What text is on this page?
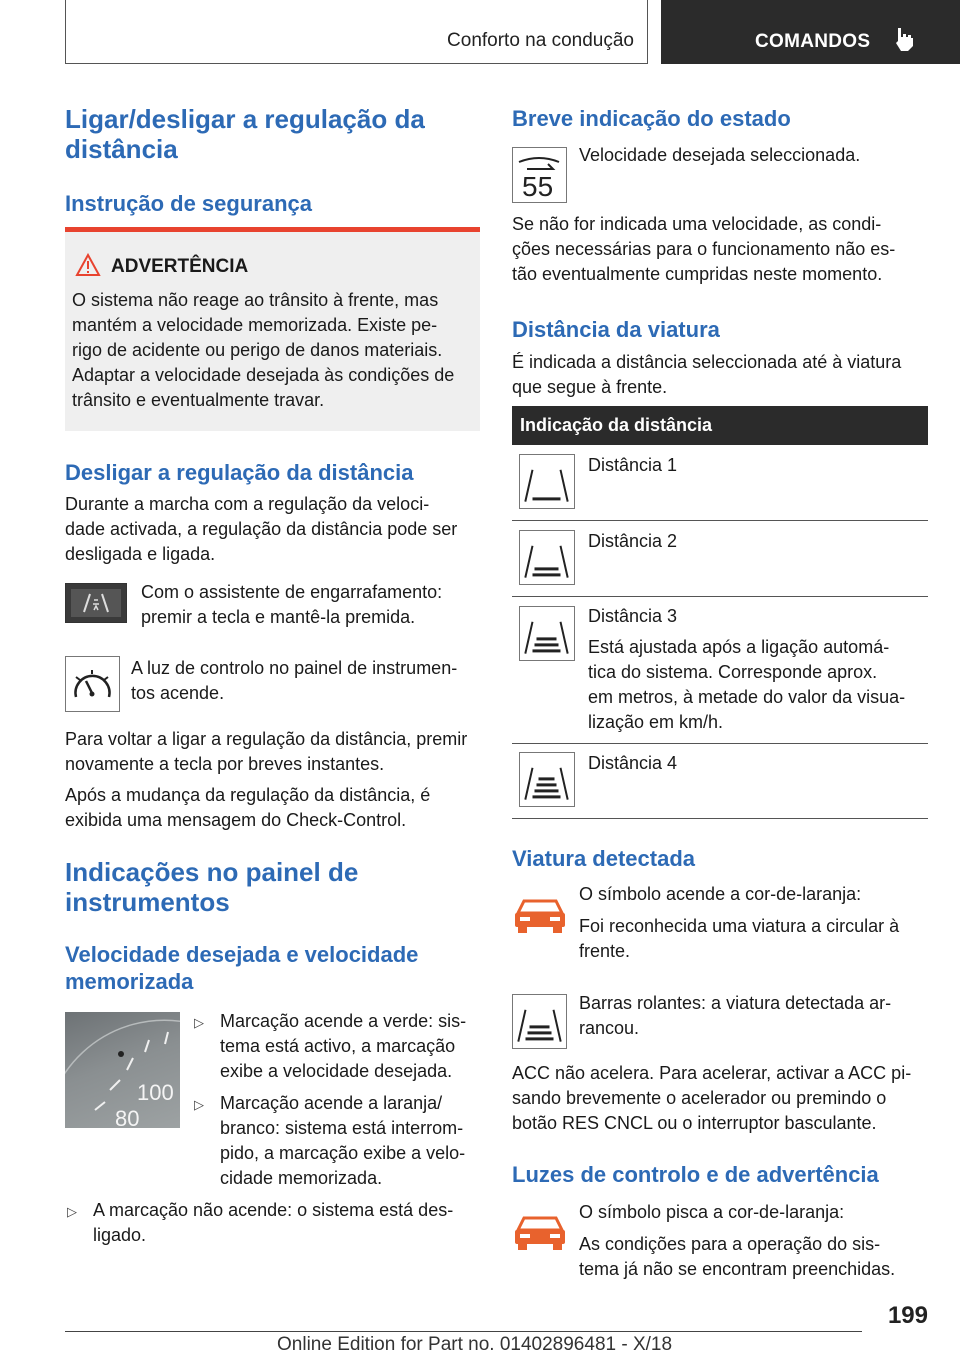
Conforto na condução	COMANDOS
Ligar/desligar a regulação da distância
Instrução de segurança
ADVERTÊNCIA
O sistema não reage ao trânsito à frente, mas
mantém a velocidade memorizada. Existe pe-
rigo de acidente ou perigo de danos materiais.
Adaptar a velocidade desejada às condições de
trânsito e eventualmente travar.
Desligar a regulação da distância
Durante a marcha com a regulação da veloci-
dade activada, a regulação da distância pode ser
desligada e ligada.
Com o assistente de engarrafamento:
premir a tecla e mantê-la premida.
A luz de controlo no painel de instrumen-
tos acende.
Para voltar a ligar a regulação da distância, premir
novamente a tecla por breves instantes.
Após a mudança da regulação da distância, é
exibida uma mensagem do Check-Control.
Indicações no painel de instrumentos
Velocidade desejada e velocidade memorizada
100
80
▷ Marcação acende a verde: sis-
tema está activo, a marcação
exibe a velocidade desejada.
▷ Marcação acende a laranja/
branco: sistema está interrom-
pido, a marcação exibe a velo-
cidade memorizada.
▷ A marcação não acende: o sistema está des-
ligado.
Breve indicação do estado
55
Velocidade desejada seleccionada.
Se não for indicada uma velocidade, as condi-
ções necessárias para o funcionamento não es-
tão eventualmente cumpridas neste momento.
Distância da viatura
É indicada a distância seleccionada até à viatura
que segue à frente.
Indicação da distância
Distância 1
Distância 2
Distância 3
Está ajustada após a ligação automá-
tica do sistema. Corresponde aprox.
em metros, à metade do valor da visua-
lização em km/h.
Distância 4
Viatura detectada
O símbolo acende a cor-de-laranja:
Foi reconhecida uma viatura a circular à
frente.
Barras rolantes: a viatura detectada ar-
rancou.
ACC não acelera. Para acelerar, activar a ACC pi-
sando brevemente o acelerador ou premindo o
botão RES CNCL ou o interruptor basculante.
Luzes de controlo e de advertência
O símbolo pisca a cor-de-laranja:
As condições para a operação do sis-
tema já não se encontram preenchidas.
199
Online Edition for Part no. 01402896481 - X/18
